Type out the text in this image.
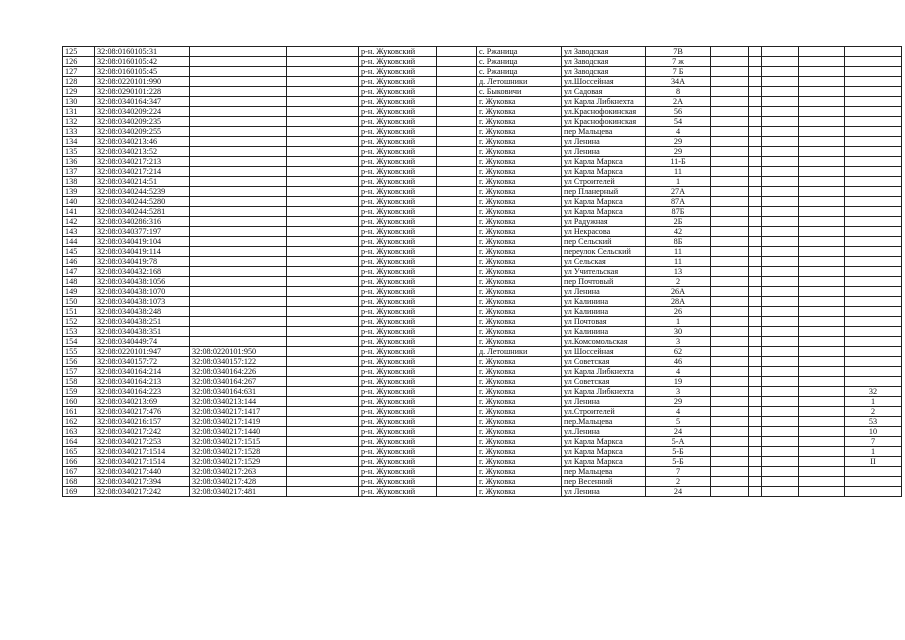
125	32:08:0160105:31			р-н. Жуковский		с. Ржаница	ул Заводская	7В					
126	32:08:0160105:42			р-н. Жуковский		с. Ржаница	ул Заводская	7 ж					
127	32:08:0160105:45			р-н. Жуковский		с. Ржаница	ул Заводская	7 Б					
128	32:08:0220101:990			р-н. Жуковский		д. Летошники	ул.Шоссейная	34А					
129	32:08:0290101:228			р-н. Жуковский		с. Быковичи	ул Садовая	8					
130	32:08:0340164:347			р-н. Жуковский		г. Жуковка	ул Карла Либкнехта	2А					
131	32:08:0340209:224			р-н. Жуковский		г. Жуковка	ул.Краснофокинская	56					
132	32:08:0340209:235			р-н. Жуковский		г. Жуковка	ул Краснофокинская	54					
133	32:08:0340209:255			р-н. Жуковский		г. Жуковка	пер Мальцева	4					
134	32:08:0340213:46			р-н. Жуковский		г. Жуковка	ул Ленина	29					
135	32:08:0340213:52			р-н. Жуковский		г. Жуковка	ул Ленина	29					
136	32:08:0340217:213			р-н. Жуковский		г. Жуковка	ул Карла Маркса	11-Б					
137	32:08:0340217:214			р-н. Жуковский		г. Жуковка	ул Карла Маркса	11					
138	32:08:0340214:51			р-н. Жуковский		г. Жуковка	ул Строителей	1					
139	32:08:0340244:5239			р-н. Жуковский		г. Жуковка	пер Планерный	27А					
140	32:08:0340244:5280			р-н. Жуковский		г. Жуковка	ул Карла Маркса	87А					
141	32:08:0340244:5281			р-н. Жуковский		г. Жуковка	ул Карла Маркса	87Б					
142	32:08:0340286:316			р-н. Жуковский		г. Жуковка	ул Радужная	2Б					
143	32:08:0340377:197			р-н. Жуковский		г. Жуковка	ул Некрасова	42					
144	32:08:0340419:104			р-н. Жуковский		г. Жуковка	пер Сельский	8Б					
145	32:08:0340419:114			р-н. Жуковский		г. Жуковка	переулок Сельский	11					
146	32:08:0340419:78			р-н. Жуковский		г. Жуковка	ул Сельская	11					
147	32:08:0340432:168			р-н. Жуковский		г. Жуковка	ул Учительская	13					
148	32:08:0340438:1056			р-н. Жуковский		г. Жуковка	пер Почтовый	2					
149	32:08:0340438:1070			р-н. Жуковский		г. Жуковка	ул Ленина	26А					
150	32:08:0340438:1073			р-н. Жуковский		г. Жуковка	ул Калинина	28А					
151	32:08:0340438:248			р-н. Жуковский		г. Жуковка	ул Калинина	26					
152	32:08:0340438:251			р-н. Жуковский		г. Жуковка	ул Почтовая	1					
153	32:08:0340438:351			р-н. Жуковский		г. Жуковка	ул Калинина	30					
154	32:08:0340449:74			р-н. Жуковский		г. Жуковка	ул.Комсомольская	3					
155	32:08:0220101:947	32:08:0220101:950		р-н. Жуковский		д. Летошники	ул Шоссейная	62					
156	32:08:0340157:72	32:08:0340157:122		р-н. Жуковский		г. Жуковка	ул Советская	46					
157	32:08:0340164:214	32:08:0340164:226		р-н. Жуковский		г. Жуковка	ул Карла Либкнехта	4					
158	32:08:0340164:213	32:08:0340164:267		р-н. Жуковский		г. Жуковка	ул Советская	19					
159	32:08:0340164:223	32:08:0340164:631		р-н. Жуковский		г. Жуковка	ул Карла Либкнехта	3					32
160	32:08:0340213:69	32:08:0340213:144		р-н. Жуковский		г. Жуковка	ул Ленина	29					1
161	32:08:0340217:476	32:08:0340217:1417		р-н. Жуковский		г. Жуковка	ул.Строителей	4					2
162	32:08:0340216:157	32:08:0340217:1419		р-н. Жуковский		г. Жуковка	пер.Мальцева	5					53
163	32:08:0340217:242	32:08:0340217:1440		р-н. Жуковский		г. Жуковка	ул.Ленина	24					10
164	32:08:0340217:253	32:08:0340217:1515		р-н. Жуковский		г. Жуковка	ул Карла Маркса	5-А					7
165	32:08:0340217:1514	32:08:0340217:1528		р-н. Жуковский		г. Жуковка	ул Карла Маркса	5-Б					1
166	32:08:0340217:1514	32:08:0340217:1529		р-н. Жуковский		г. Жуковка	ул Карла Маркса	5-Б					II
167	32:08:0340217:440	32:08:0340217:263		р-н. Жуковский		г. Жуковка	пер Мальцева	7					
168	32:08:0340217:394	32:08:0340217:428		р-н. Жуковский		г. Жуковка	пер Весенний	2					
169	32:08:0340217:242	32:08:0340217:481		р-н. Жуковский		г. Жуковка	ул Ленина	24					
